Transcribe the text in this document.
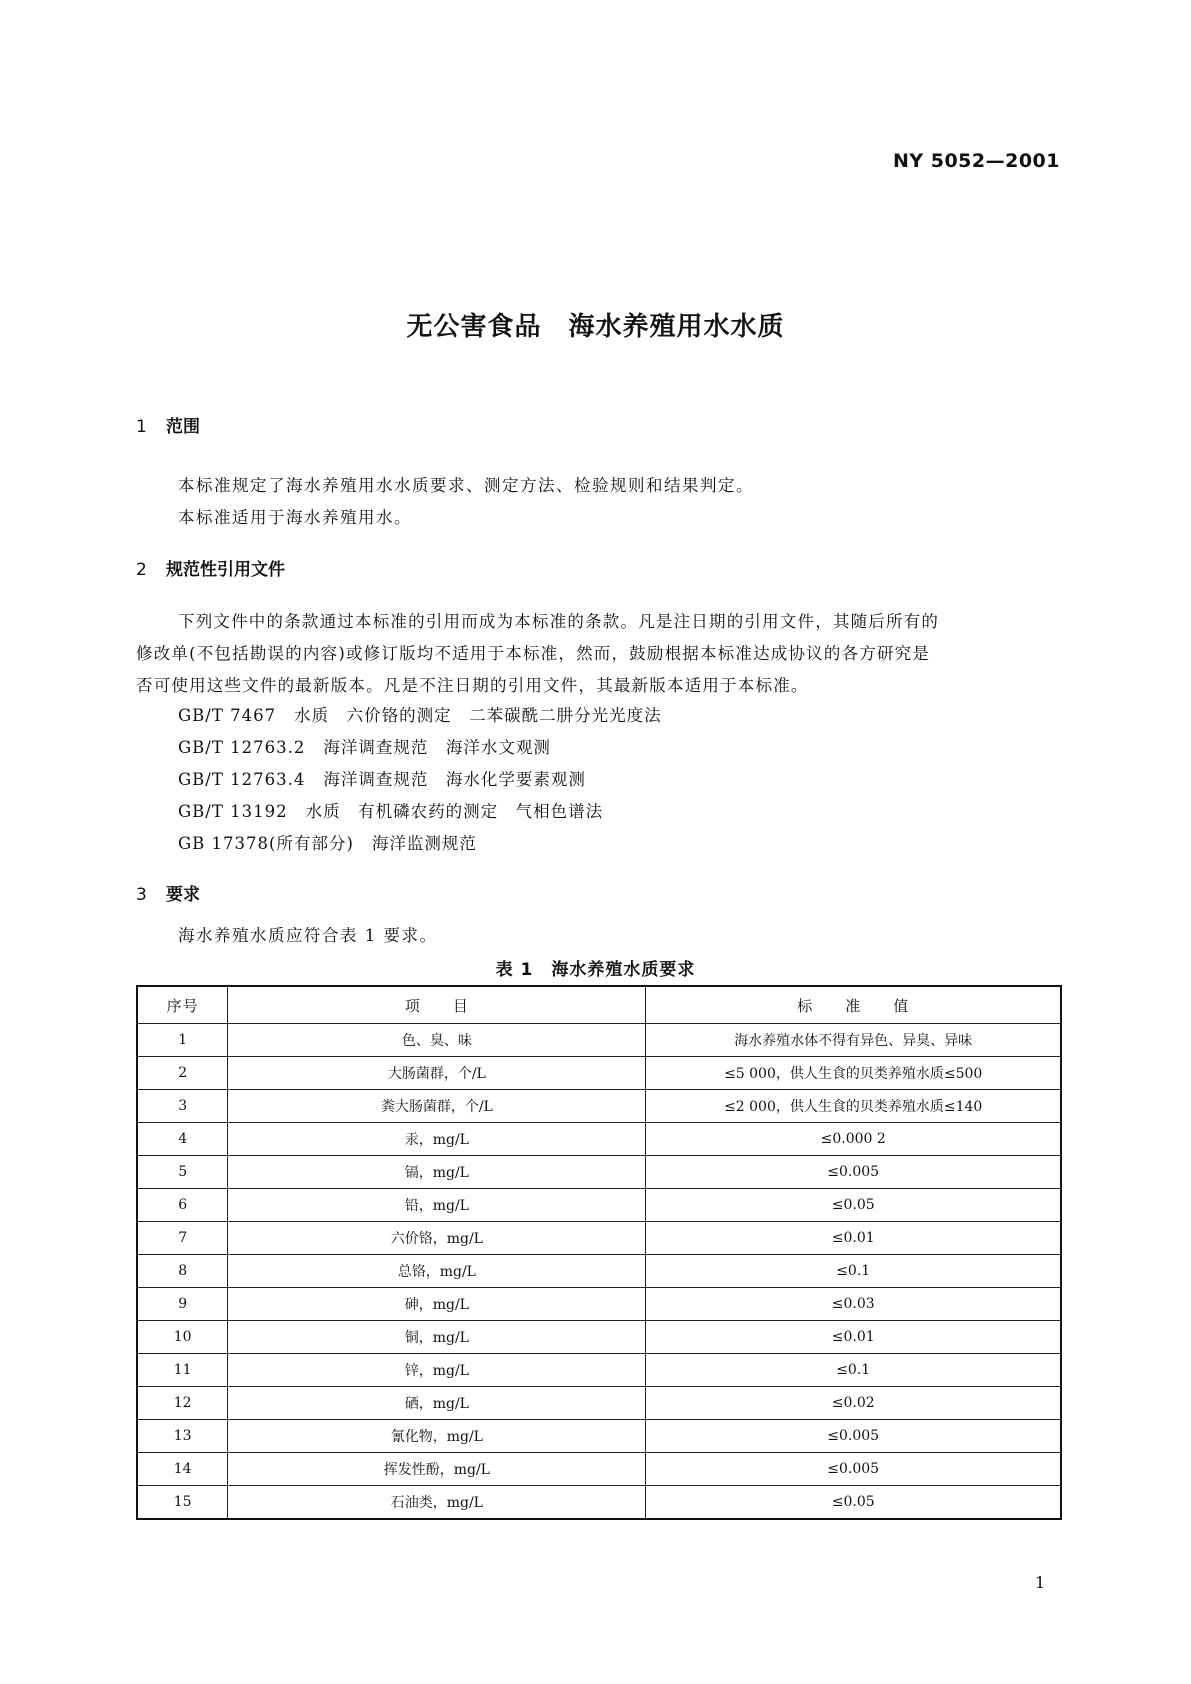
NY 5052—2001
无公害食品　海水养殖用水水质
1 范围
本标准规定了海水养殖用水水质要求、测定方法、检验规则和结果判定。
本标准适用于海水养殖用水。
2 规范性引用文件
下列文件中的条款通过本标准的引用而成为本标准的条款。凡是注日期的引用文件，其随后所有的
修改单(不包括勘误的内容)或修订版均不适用于本标准，然而，鼓励根据本标准达成协议的各方研究是
否可使用这些文件的最新版本。凡是不注日期的引用文件，其最新版本适用于本标准。
GB/T 7467 水质　六价铬的测定　二苯碳酰二肼分光光度法
GB/T 12763.2 海洋调查规范　海洋水文观测
GB/T 12763.4 海洋调查规范　海水化学要素观测
GB/T 13192 水质　有机磷农药的测定　气相色谱法
GB 17378(所有部分) 海洋监测规范
3 要求
海水养殖水质应符合表 1 要求。
表 1　海水养殖水质要求
序号	项　　目	标　　准　　值
1	色、臭、味	海水养殖水体不得有异色、异臭、异味
2	大肠菌群，个/L	≤5 000，供人生食的贝类养殖水质≤500
3	粪大肠菌群，个/L	≤2 000，供人生食的贝类养殖水质≤140
4	汞，mg/L	≤0.000 2
5	镉，mg/L	≤0.005
6	铅，mg/L	≤0.05
7	六价铬，mg/L	≤0.01
8	总铬，mg/L	≤0.1
9	砷，mg/L	≤0.03
10	铜，mg/L	≤0.01
11	锌，mg/L	≤0.1
12	硒，mg/L	≤0.02
13	氰化物，mg/L	≤0.005
14	挥发性酚，mg/L	≤0.005
15	石油类，mg/L	≤0.05
1
